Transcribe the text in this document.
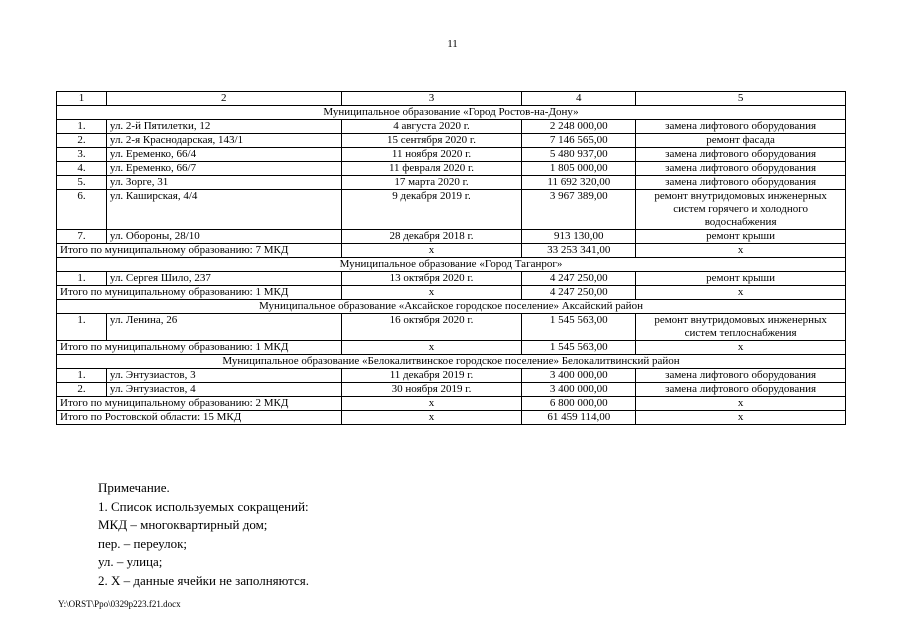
11
1	2	3	4	5
Муниципальное образование «Город Ростов-на-Дону»				
1.	ул. 2-й Пятилетки, 12	4 августа 2020 г.	2 248 000,00	замена лифтового оборудования
2.	ул. 2-я Краснодарская, 143/1	15 сентября 2020 г.	7 146 565,00	ремонт фасада
3.	ул. Еременко, 66/4	11 ноября 2020 г.	5 480 937,00	замена лифтового оборудования
4.	ул. Еременко, 66/7	11 февраля 2020 г.	1 805 000,00	замена лифтового оборудования
5.	ул. Зорге, 31	17 марта 2020 г.	11 692 320,00	замена лифтового оборудования
6.	ул. Каширская, 4/4	9 декабря 2019 г.	3 967 389,00	ремонт внутридомовых инженерных систем горячего и холодного водоснабжения
7.	ул. Обороны, 28/10	28 декабря 2018 г.	913 130,00	ремонт крыши
Итого по муниципальному образованию: 7 МКД		х	33 253 341,00	х
Муниципальное образование «Город Таганрог»				
1.	ул. Сергея Шило, 237	13 октября 2020 г.	4 247 250,00	ремонт крыши
Итого по муниципальному образованию: 1 МКД		х	4 247 250,00	х
Муниципальное образование «Аксайское городское поселение» Аксайский район				
1.	ул. Ленина, 26	16 октября 2020 г.	1 545 563,00	ремонт внутридомовых инженерных систем теплоснабжения
Итого по муниципальному образованию: 1 МКД		х	1 545 563,00	х
Муниципальное образование «Белокалитвинское городское поселение» Белокалитвинский район				
1.	ул. Энтузиастов, 3	11 декабря 2019 г.	3 400 000,00	замена лифтового оборудования
2.	ул. Энтузиастов, 4	30 ноября 2019 г.	3 400 000,00	замена лифтового оборудования
Итого по муниципальному образованию: 2 МКД		х	6 800 000,00	х
Итого по Ростовской области: 15 МКД		х	61 459 114,00	х
Примечание.
1. Список используемых сокращений:
МКД – многоквартирный дом;
пер. – переулок;
ул. – улица;
2. Х – данные ячейки не заполняются.
Y:\ORST\Ppo\0329p223.f21.docx
